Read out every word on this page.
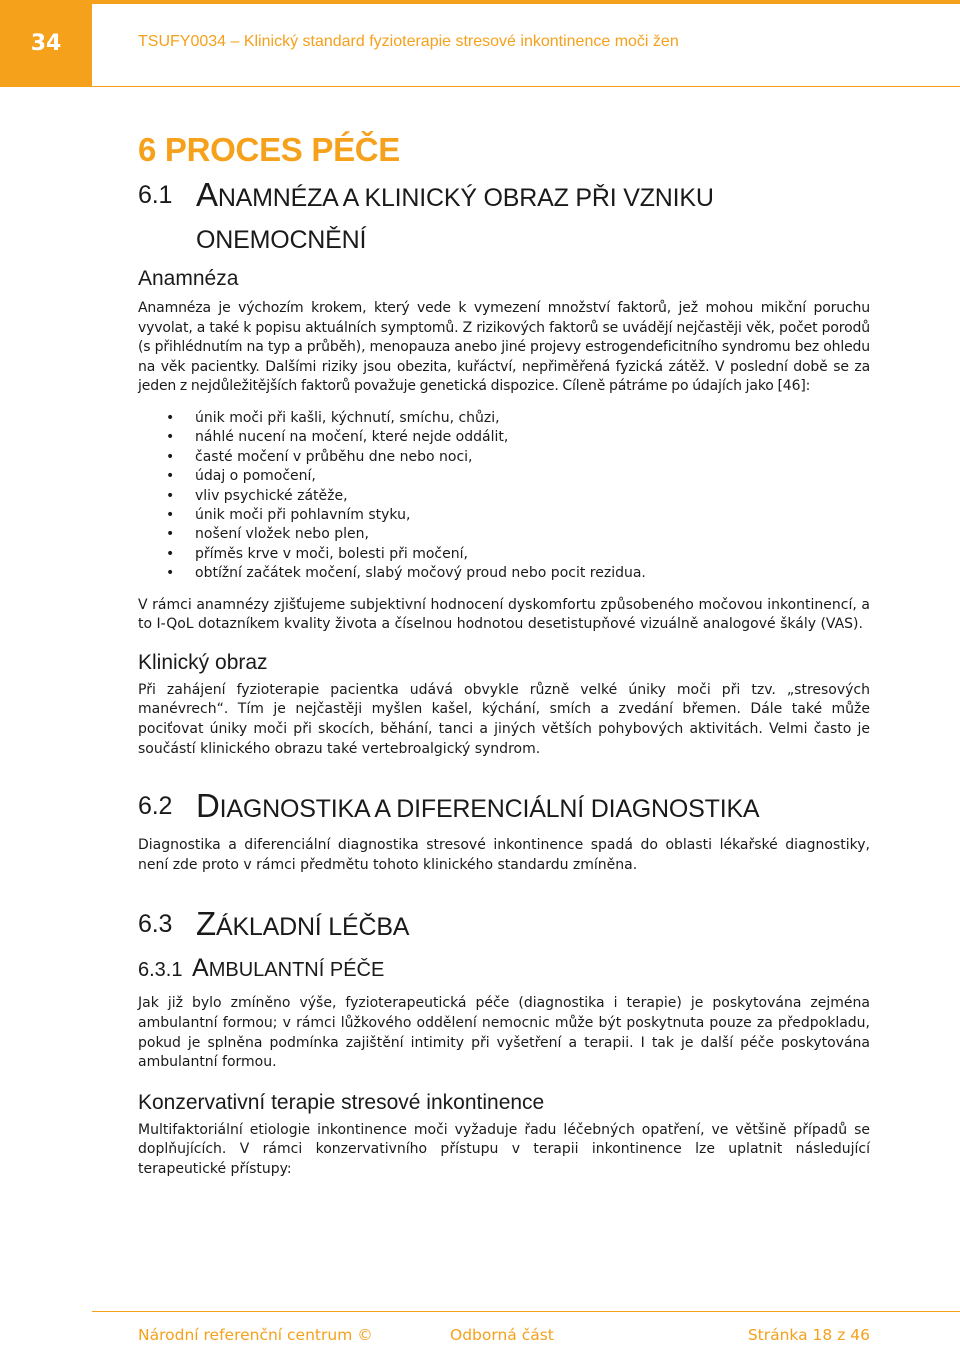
34	TSUFY0034 – Klinický standard fyzioterapie stresové inkontinence moči žen
6 PROCES PÉČE
6.1 ANAMNÉZA A KLINICKÝ OBRAZ PŘI VZNIKU ONEMOCNĚNÍ

Anamnéza

Anamnéza je výchozím krokem, který vede k vymezení množství faktorů, jež mohou mikční poruchu vyvolat, a také k popisu aktuálních symptomů. Z rizikových faktorů se uvádějí nejčastěji věk, počet porodů (s přihlédnutím na typ a průběh), menopauza anebo jiné projevy estrogendeficitního syndromu bez ohledu na věk pacientky. Dalšími riziky jsou obezita, kuřáctví, nepřiměřená fyzická zátěž. V poslední době se za jeden z nejdůležitějších faktorů považuje genetická dispozice. Cíleně pátráme po údajích jako [46]:

• únik moči při kašli, kýchnutí, smíchu, chůzi,
• náhlé nucení na močení, které nejde oddálit,
• časté močení v průběhu dne nebo noci,
• údaj o pomočení,
• vliv psychické zátěže,
• únik moči při pohlavním styku,
• nošení vložek nebo plen,
• příměs krve v moči, bolesti při močení,
• obtížní začátek močení, slabý močový proud nebo pocit rezidua.

V rámci anamnézy zjišťujeme subjektivní hodnocení dyskomfortu způsobeného močovou inkontinencí, a to I-QoL dotazníkem kvality života a číselnou hodnotou desetistupňové vizuálně analogové škály (VAS).

Klinický obraz

Při zahájení fyzioterapie pacientka udává obvykle různě velké úniky moči při tzv. „stresových manévrech“. Tím je nejčastěji myšlen kašel, kýchání, smích a zvedání břemen. Dále také může pociťovat úniky moči při skocích, běhání, tanci a jiných větších pohybových aktivitách. Velmi často je součástí klinického obrazu také vertebroalgický syndrom.

6.2 DIAGNOSTIKA A DIFERENCIÁLNÍ DIAGNOSTIKA

Diagnostika a diferenciální diagnostika stresové inkontinence spadá do oblasti lékařské diagnostiky, není zde proto v rámci předmětu tohoto klinického standardu zmíněna.

6.3 ZÁKLADNÍ LÉČBA
6.3.1 AMBULANTNÍ PÉČE

Jak již bylo zmíněno výše, fyzioterapeutická péče (diagnostika i terapie) je poskytována zejména ambulantní formou; v rámci lůžkového oddělení nemocnic může být poskytnuta pouze za předpokladu, pokud je splněna podmínka zajištění intimity při vyšetření a terapii. I tak je další péče poskytována ambulantní formou.

Konzervativní terapie stresové inkontinence

Multifaktoriální etiologie inkontinence moči vyžaduje řadu léčebných opatření, ve většině případů se doplňujících. V rámci konzervativního přístupu v terapii inkontinence lze uplatnit následující terapeutické přístupy:

Národní referenční centrum ©	Odborná část	Stránka 18 z 46
